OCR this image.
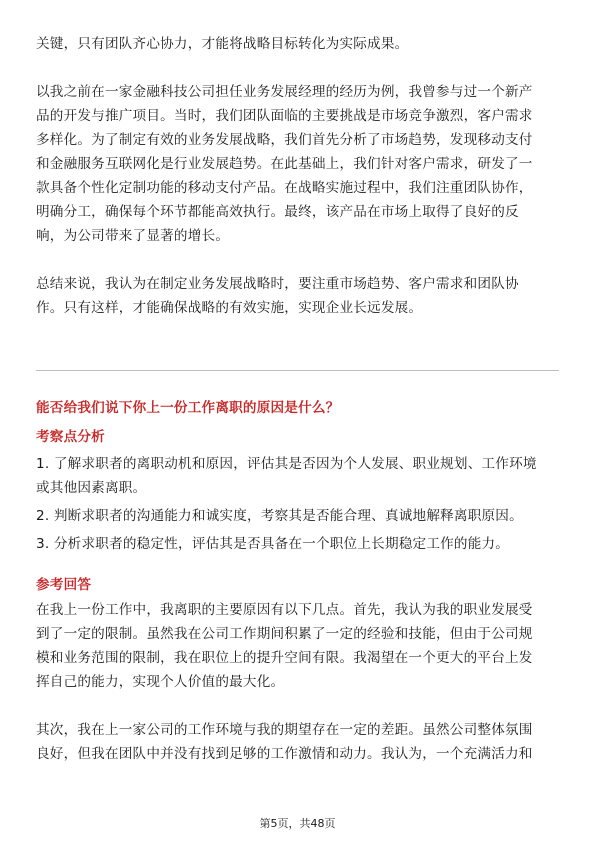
关键，只有团队齐心协力，才能将战略目标转化为实际成果。

以我之前在一家金融科技公司担任业务发展经理的经历为例，我曾参与过一个新产

品的开发与推广项目。当时，我们团队面临的主要挑战是市场竞争激烈，客户需求

多样化。为了制定有效的业务发展战略，我们首先分析了市场趋势，发现移动支付

和金融服务互联网化是行业发展趋势。在此基础上，我们针对客户需求，研发了一

款具备个性化定制功能的移动支付产品。在战略实施过程中，我们注重团队协作，

明确分工，确保每个环节都能高效执行。最终，该产品在市场上取得了良好的反

响，为公司带来了显著的增长。

总结来说，我认为在制定业务发展战略时，要注重市场趋势、客户需求和团队协

作。只有这样，才能确保战略的有效实施，实现企业长远发展。

能否给我们说下你上一份工作离职的原因是什么？

考察点分析

1. 了解求职者的离职动机和原因，评估其是否因为个人发展、职业规划、工作环境

或其他因素离职。

2. 判断求职者的沟通能力和诚实度，考察其是否能合理、真诚地解释离职原因。

3. 分析求职者的稳定性，评估其是否具备在一个职位上长期稳定工作的能力。

参考回答

在我上一份工作中，我离职的主要原因有以下几点。首先，我认为我的职业发展受

到了一定的限制。虽然我在公司工作期间积累了一定的经验和技能，但由于公司规

模和业务范围的限制，我在职位上的提升空间有限。我渴望在一个更大的平台上发

挥自己的能力，实现个人价值的最大化。

其次，我在上一家公司的工作环境与我的期望存在一定的差距。虽然公司整体氛围

良好，但我在团队中并没有找到足够的工作激情和动力。我认为，一个充满活力和

第5页，共48页
